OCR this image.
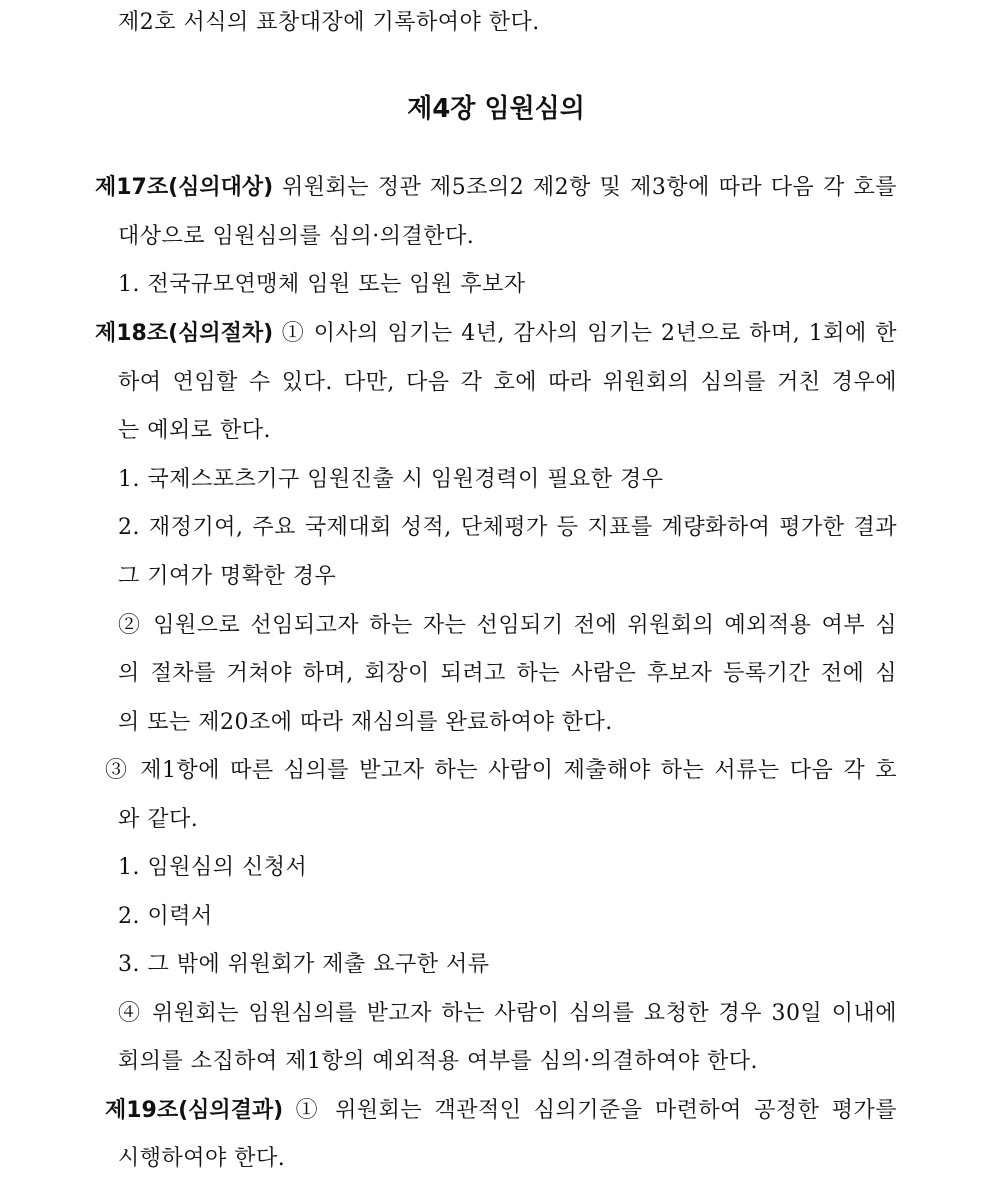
제2호 서식의 표창대장에 기록하여야 한다.
제4장 임원심의
제17조(심의대상) 위원회는 정관 제5조의2 제2항 및 제3항에 따라 다음 각 호를
대상으로 임원심의를 심의·의결한다.
1. 전국규모연맹체 임원 또는 임원 후보자
제18조(심의절차) ① 이사의 임기는 4년, 감사의 임기는 2년으로 하며, 1회에 한
하여 연임할 수 있다. 다만, 다음 각 호에 따라 위원회의 심의를 거친 경우에
는 예외로 한다.
1. 국제스포츠기구 임원진출 시 임원경력이 필요한 경우
2. 재정기여, 주요 국제대회 성적, 단체평가 등 지표를 계량화하여 평가한 결과
그 기여가 명확한 경우
② 임원으로 선임되고자 하는 자는 선임되기 전에 위원회의 예외적용 여부 심
의 절차를 거쳐야 하며, 회장이 되려고 하는 사람은 후보자 등록기간 전에 심
의 또는 제20조에 따라 재심의를 완료하여야 한다.
③ 제1항에 따른 심의를 받고자 하는 사람이 제출해야 하는 서류는 다음 각 호
와 같다.
1. 임원심의 신청서
2. 이력서
3. 그 밖에 위원회가 제출 요구한 서류
④ 위원회는 임원심의를 받고자 하는 사람이 심의를 요청한 경우 30일 이내에
회의를 소집하여 제1항의 예외적용 여부를 심의·의결하여야 한다.
제19조(심의결과) ① 위원회는 객관적인 심의기준을 마련하여 공정한 평가를
시행하여야 한다.
